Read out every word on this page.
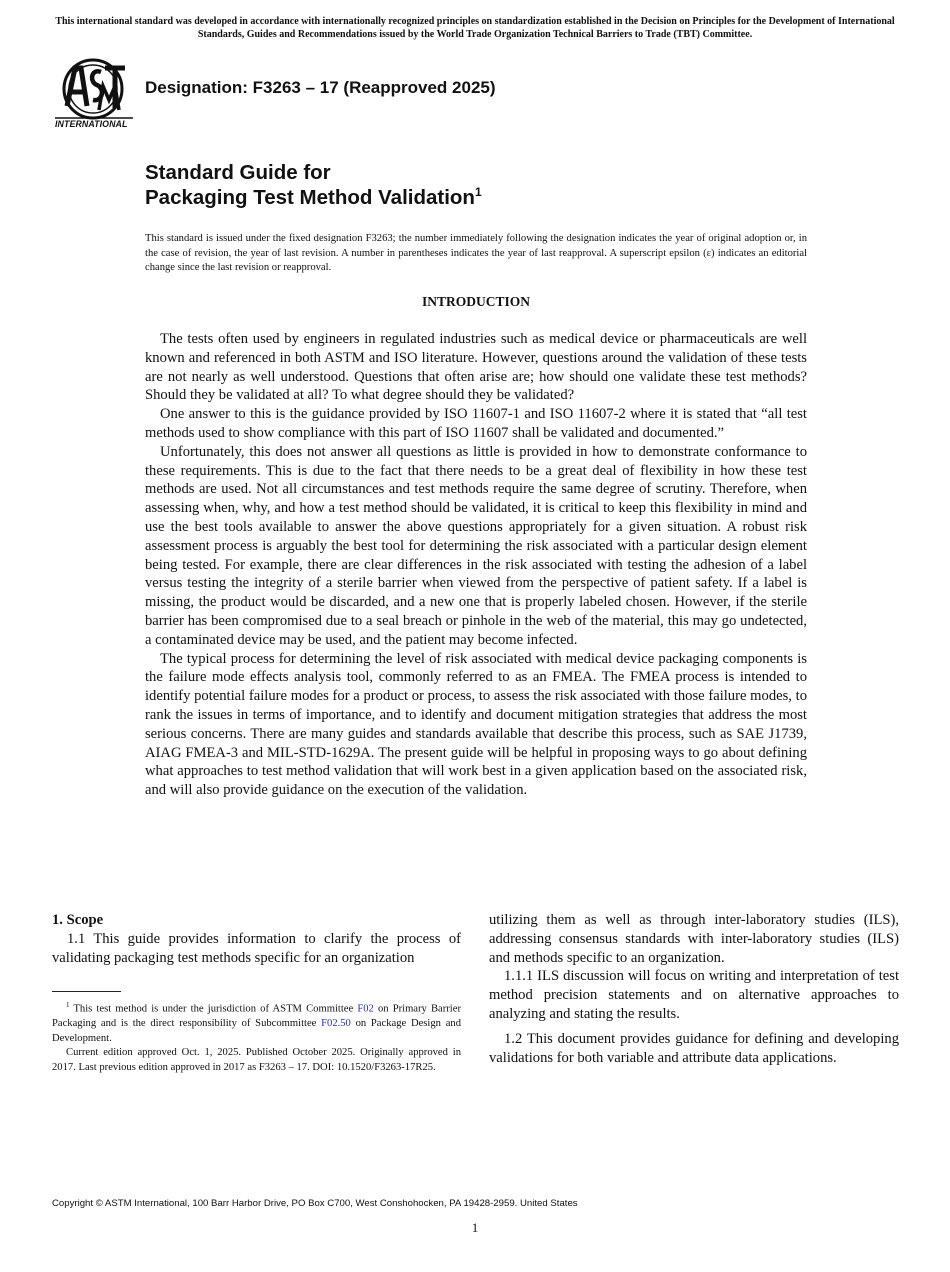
This international standard was developed in accordance with internationally recognized principles on standardization established in the Decision on Principles for the Development of International Standards, Guides and Recommendations issued by the World Trade Organization Technical Barriers to Trade (TBT) Committee.
INTERNATIONAL
Designation: F3263 – 17 (Reapproved 2025)
Standard Guide for
Packaging Test Method Validation$^1$
This standard is issued under the fixed designation F3263; the number immediately following the designation indicates the year of original adoption or, in the case of revision, the year of last revision. A number in parentheses indicates the year of last reapproval. A superscript epsilon (ε) indicates an editorial change since the last revision or reapproval.
INTRODUCTION

The tests often used by engineers in regulated industries such as medical device or pharmaceuticals are well known and referenced in both ASTM and ISO literature. However, questions around the validation of these tests are not nearly as well understood. Questions that often arise are; how should one validate these test methods? Should they be validated at all? To what degree should they be validated?

One answer to this is the guidance provided by ISO 11607-1 and ISO 11607-2 where it is stated that “all test methods used to show compliance with this part of ISO 11607 shall be validated and documented.”

Unfortunately, this does not answer all questions as little is provided in how to demonstrate conformance to these requirements. This is due to the fact that there needs to be a great deal of flexibility in how these test methods are used. Not all circumstances and test methods require the same degree of scrutiny. Therefore, when assessing when, why, and how a test method should be validated, it is critical to keep this flexibility in mind and use the best tools available to answer the above questions appropriately for a given situation. A robust risk assessment process is arguably the best tool for determining the risk associated with a particular design element being tested. For example, there are clear differences in the risk associated with testing the adhesion of a label versus testing the integrity of a sterile barrier when viewed from the perspective of patient safety. If a label is missing, the product would be discarded, and a new one that is properly labeled chosen. However, if the sterile barrier has been compromised due to a seal breach or pinhole in the web of the material, this may go undetected, a contaminated device may be used, and the patient may become infected.

The typical process for determining the level of risk associated with medical device packaging components is the failure mode effects analysis tool, commonly referred to as an FMEA. The FMEA process is intended to identify potential failure modes for a product or process, to assess the risk associated with those failure modes, to rank the issues in terms of importance, and to identify and document mitigation strategies that address the most serious concerns. There are many guides and standards available that describe this process, such as SAE J1739, AIAG FMEA-3 and MIL-STD-1629A. The present guide will be helpful in proposing ways to go about defining what approaches to test method validation that will work best in a given application based on the associated risk, and will also provide guidance on the execution of the validation.

1. Scope

1.1 This guide provides information to clarify the process of validating packaging test methods specific for an organization

$^1$ This test method is under the jurisdiction of ASTM Committee F02 on Primary Barrier Packaging and is the direct responsibility of Subcommittee F02.50 on Package Design and Development.

Current edition approved Oct. 1, 2025. Published October 2025. Originally approved in 2017. Last previous edition approved in 2017 as F3263 – 17. DOI: 10.1520/F3263-17R25.

utilizing them as well as through inter-laboratory studies (ILS), addressing consensus standards with inter-laboratory studies (ILS) and methods specific to an organization.

1.1.1 ILS discussion will focus on writing and interpretation of test method precision statements and on alternative approaches to analyzing and stating the results.

1.2 This document provides guidance for defining and developing validations for both variable and attribute data applications.

Copyright © ASTM International, 100 Barr Harbor Drive, PO Box C700, West Conshohocken, PA 19428-2959. United States
1
